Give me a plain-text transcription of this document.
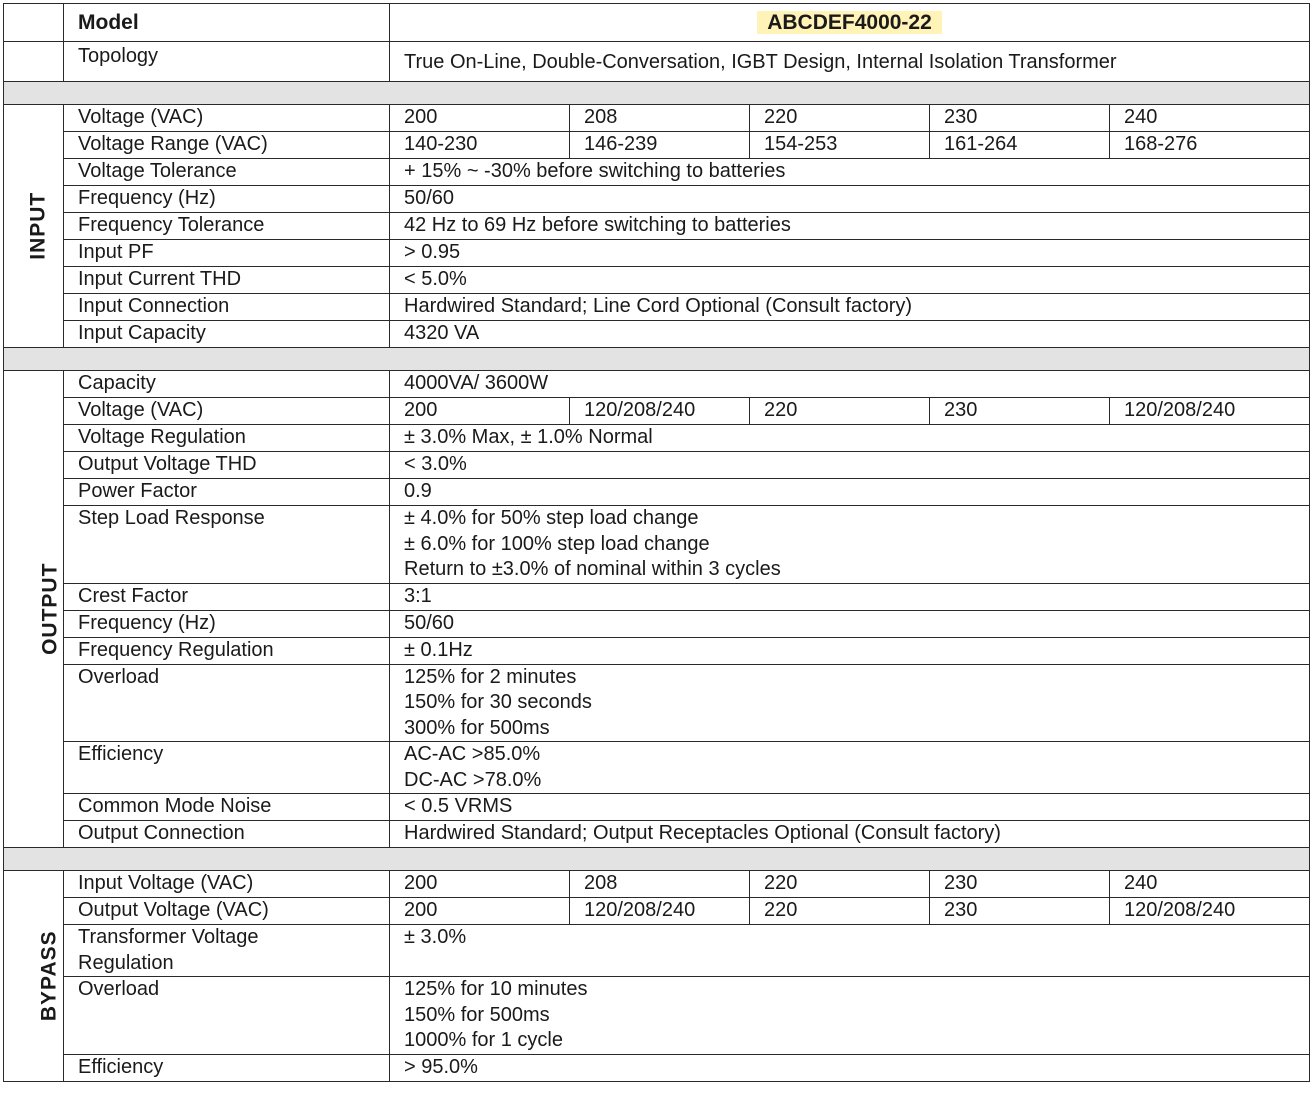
	Model	ABCDEF4000-22				
	Topology	True On-Line, Double-Conversation, IGBT Design, Internal Isolation Transformer				

INPUT	Voltage (VAC)	200	208	220	230	240
	Voltage Range (VAC)	140-230	146-239	154-253	161-264	168-276
	Voltage Tolerance	+ 15% ~ -30% before switching to batteries				
	Frequency (Hz)	50/60				
	Frequency Tolerance	42 Hz to 69 Hz before switching to batteries				
	Input PF	> 0.95				
	Input Current THD	< 5.0%				
	Input Connection	Hardwired Standard; Line Cord Optional (Consult factory)				
	Input Capacity	4320 VA				

OUTPUT	Capacity	4000VA/ 3600W				
	Voltage (VAC)	200	120/208/240	220	230	120/208/240
	Voltage Regulation	± 3.0% Max, ± 1.0% Normal				
	Output Voltage THD	< 3.0%				
	Power Factor	0.9				
	Step Load Response	± 4.0% for 50% step load change
± 6.0% for 100% step load change
Return to ±3.0% of nominal within 3 cycles				

	Crest Factor	3:1				
	Frequency (Hz)	50/60				
	Frequency Regulation	± 0.1Hz				
	Overload	125% for 2 minutes
150% for 30 seconds
300% for 500ms				

	Efficiency	AC-AC >85.0%
DC-AC >78.0%				

	Common Mode Noise	< 0.5 VRMS				
	Output Connection	Hardwired Standard; Output Receptacles Optional (Consult factory)				

BYPASS	Input Voltage (VAC)	200	208	220	230	240
	Output Voltage (VAC)	200	120/208/240	220	230	120/208/240

	Transformer Voltage
Regulation	± 3.0%				
	Overload	125% for 10 minutes
150% for 500ms
1000% for 1 cycle				

	Efficiency	> 95.0%				
